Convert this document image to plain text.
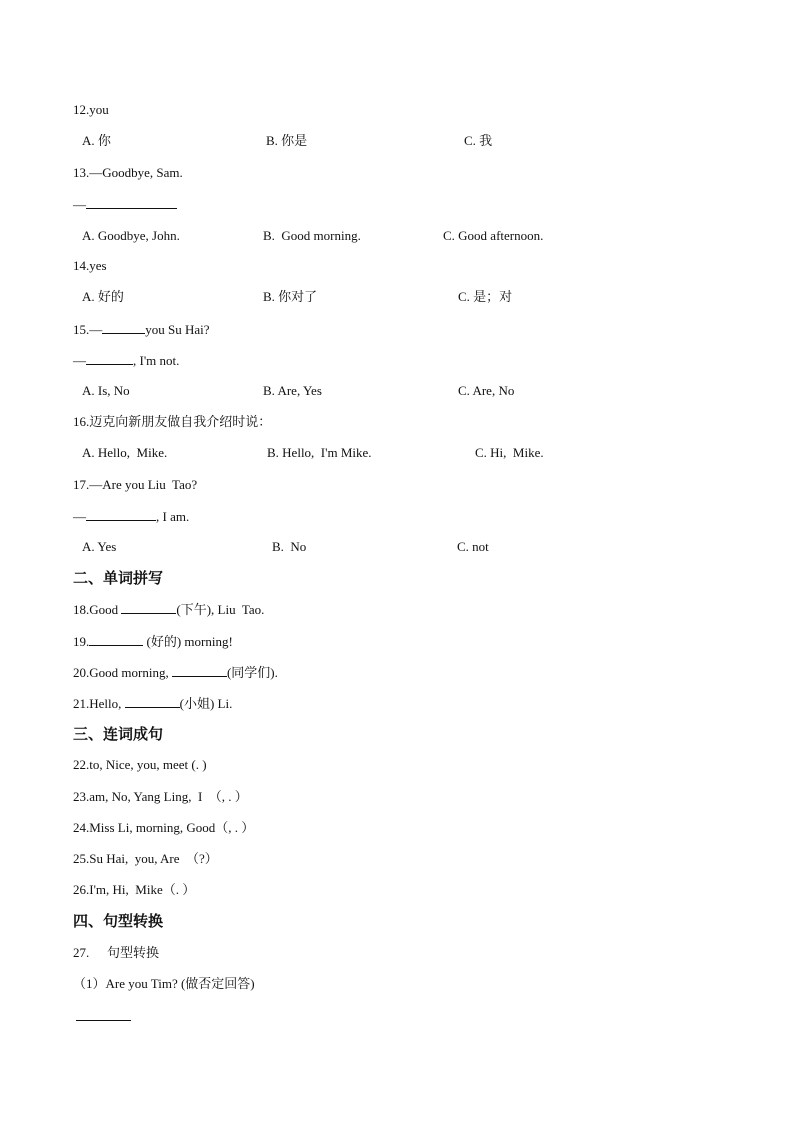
12.you
A. 你	B. 你是	C. 我
13.—Goodbye, Sam.
—
A. Goodbye, John.	B.  Good morning.	C. Good afternoon.
14.yes
A. 好的	B. 你对了	C. 是；对
15.—	you Su Hai?
—	, I'm not.
A. Is, No	B. Are, Yes	C. Are, No
16.迈克向新朋友做自我介绍时说：
A. Hello,  Mike.	B. Hello,  I'm Mike.	C. Hi,  Mike.
17.—Are you Liu  Tao?
—	, I am.
A. Yes	B.  No	C. not
二、单词拼写
18.Good	(下午), Liu  Tao.
19.	(好的) morning!
20.Good morning,	(同学们).
21.Hello,	(小姐) Li.
三、连词成句
22.to, Nice, you, meet (. )
23.am, No, Yang Ling,  I  （, . ）
24.Miss Li, morning, Good（, . ）
25.Su Hai,  you, Are  （?）
26.I'm, Hi,  Mike（. ）
四、句型转换
27. 句型转换
（1）Are you Tim? (做否定回答)
